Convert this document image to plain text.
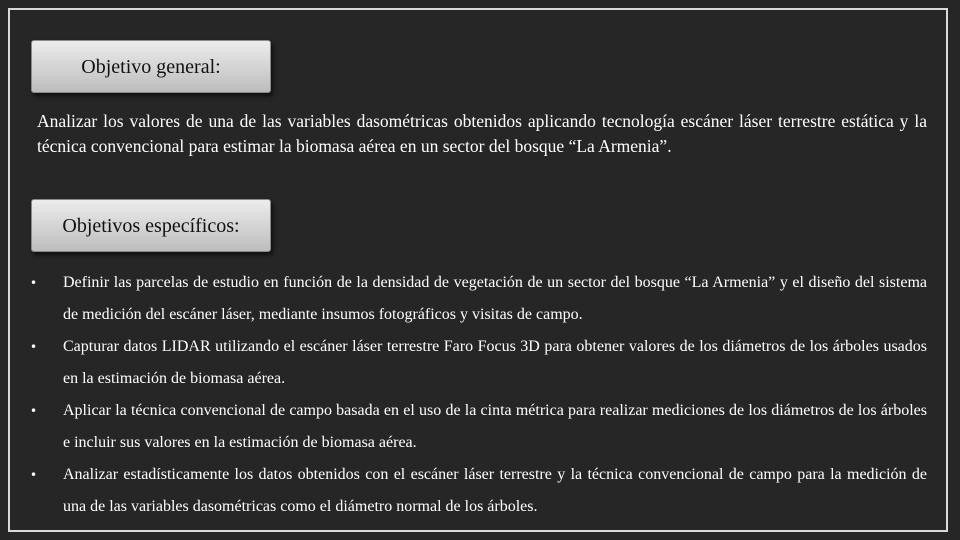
Objetivo general:
Analizar los valores de una de las variables dasométricas obtenidos aplicando tecnología escáner láser terrestre estática y la técnica convencional para estimar la biomasa aérea en un sector del bosque “La Armenia”.
Objetivos específicos:
•	Definir las parcelas de estudio en función de la densidad de vegetación de un sector del bosque “La Armenia” y el diseño del sistema de medición del escáner láser, mediante insumos fotográficos y visitas de campo.
•	Capturar datos LIDAR utilizando el escáner láser terrestre Faro Focus 3D para obtener valores de los diámetros de los árboles usados en la estimación de biomasa aérea.
•	Aplicar la técnica convencional de campo basada en el uso de la cinta métrica para realizar mediciones de los diámetros de los árboles e incluir sus valores en la estimación de biomasa aérea.
•	Analizar estadísticamente los datos obtenidos con el escáner láser terrestre y la técnica convencional de campo para la medición de una de las variables dasométricas como el diámetro normal de los árboles.
